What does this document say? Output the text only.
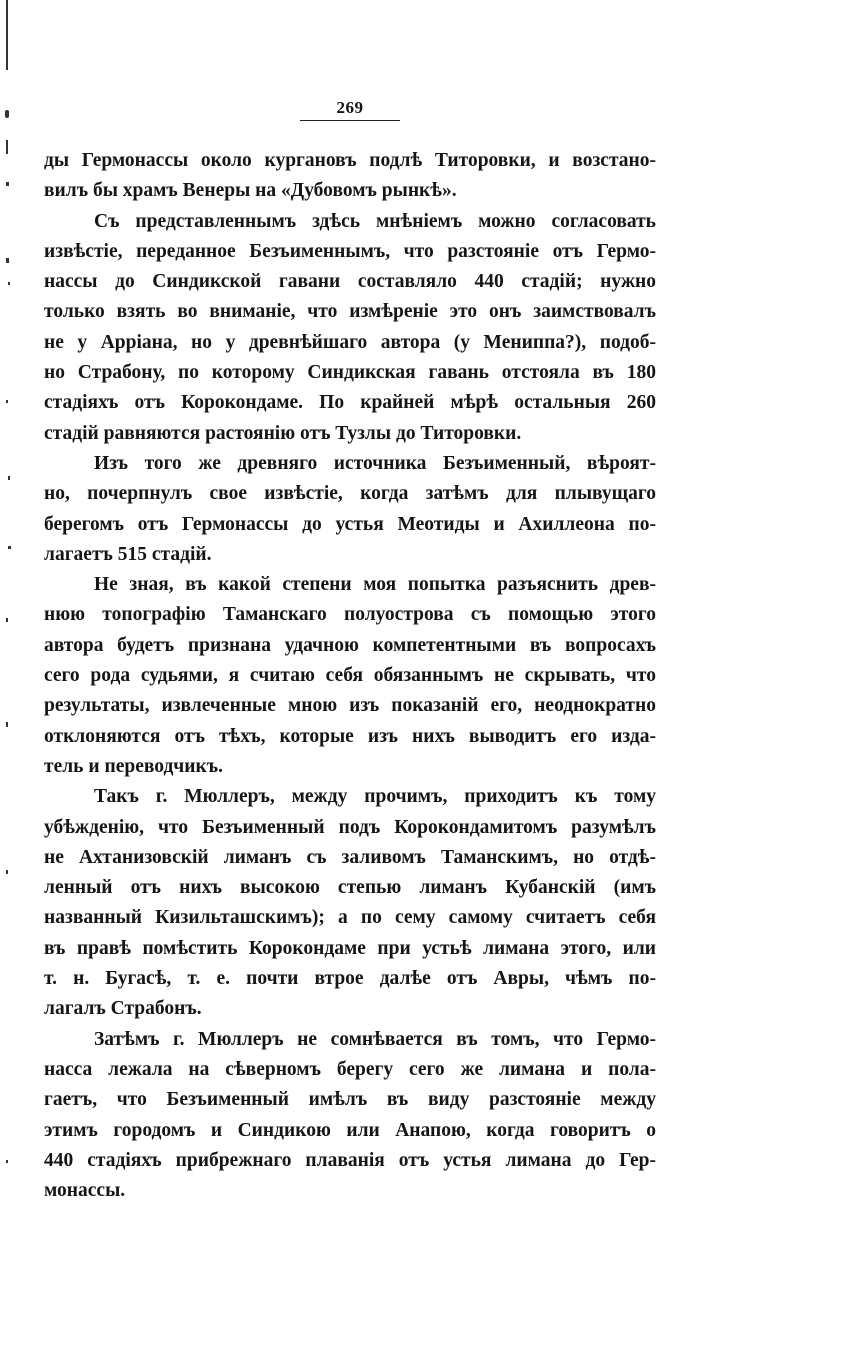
269
ды Гермонассы около кургановъ подлѣ Титоровки, и возстано-
вилъ бы храмъ Венеры на «Дубовомъ рынкѣ».
Съ представленнымъ здѣсь мнѣніемъ можно согласовать
извѣстіе, переданное Безъименнымъ, что разстояніе отъ Гермо-
нассы до Синдикской гавани составляло 440 стадій; нужно
только взять во вниманіе, что измѣреніе это онъ заимствовалъ
не у Арріана, но у древнѣйшаго автора (у Мениппа?), подоб-
но Страбону, по которому Синдикская гавань отстояла въ 180
стадіяхъ отъ Корокондаме. По крайней мѣрѣ остальныя 260
стадій равняются растоянію отъ Тузлы до Титоровки.
Изъ того же древняго источника Безъименный, вѣроят-
но, почерпнулъ свое извѣстіе, когда затѣмъ для плывущаго
берегомъ отъ Гермонассы до устья Меотиды и Ахиллеона по-
лагаетъ 515 стадій.
Не зная, въ какой степени моя попытка разъяснить древ-
нюю топографію Таманскаго полуострова съ помощью этого
автора будетъ признана удачною компетентными въ вопросахъ
сего рода судьями, я считаю себя обязаннымъ не скрывать, что
результаты, извлеченные мною изъ показаній его, неоднократно
отклоняются отъ тѣхъ, которые изъ нихъ выводитъ его изда-
тель и переводчикъ.
Такъ г. Мюллеръ, между прочимъ, приходитъ къ тому
убѣжденію, что Безъименный подъ Корокондамитомъ разумѣлъ
не Ахтанизовскій лиманъ съ заливомъ Таманскимъ, но отдѣ-
ленный отъ нихъ высокою степью лиманъ Кубанскій (имъ
названный Кизильташскимъ); а по сему самому считаетъ себя
въ правѣ помѣстить Корокондаме при устьѣ лимана этого, или
т. н. Бугасѣ, т. е. почти втрое далѣе отъ Авры, чѣмъ по-
лагалъ Страбонъ.
Затѣмъ г. Мюллеръ не сомнѣвается въ томъ, что Гермо-
насса лежала на сѣверномъ берегу сего же лимана и пола-
гаетъ, что Безъименный имѣлъ въ виду разстояніе между
этимъ городомъ и Синдикою или Анапою, когда говоритъ о
440 стадіяхъ прибрежнаго плаванія отъ устья лимана до Гер-
монассы.
